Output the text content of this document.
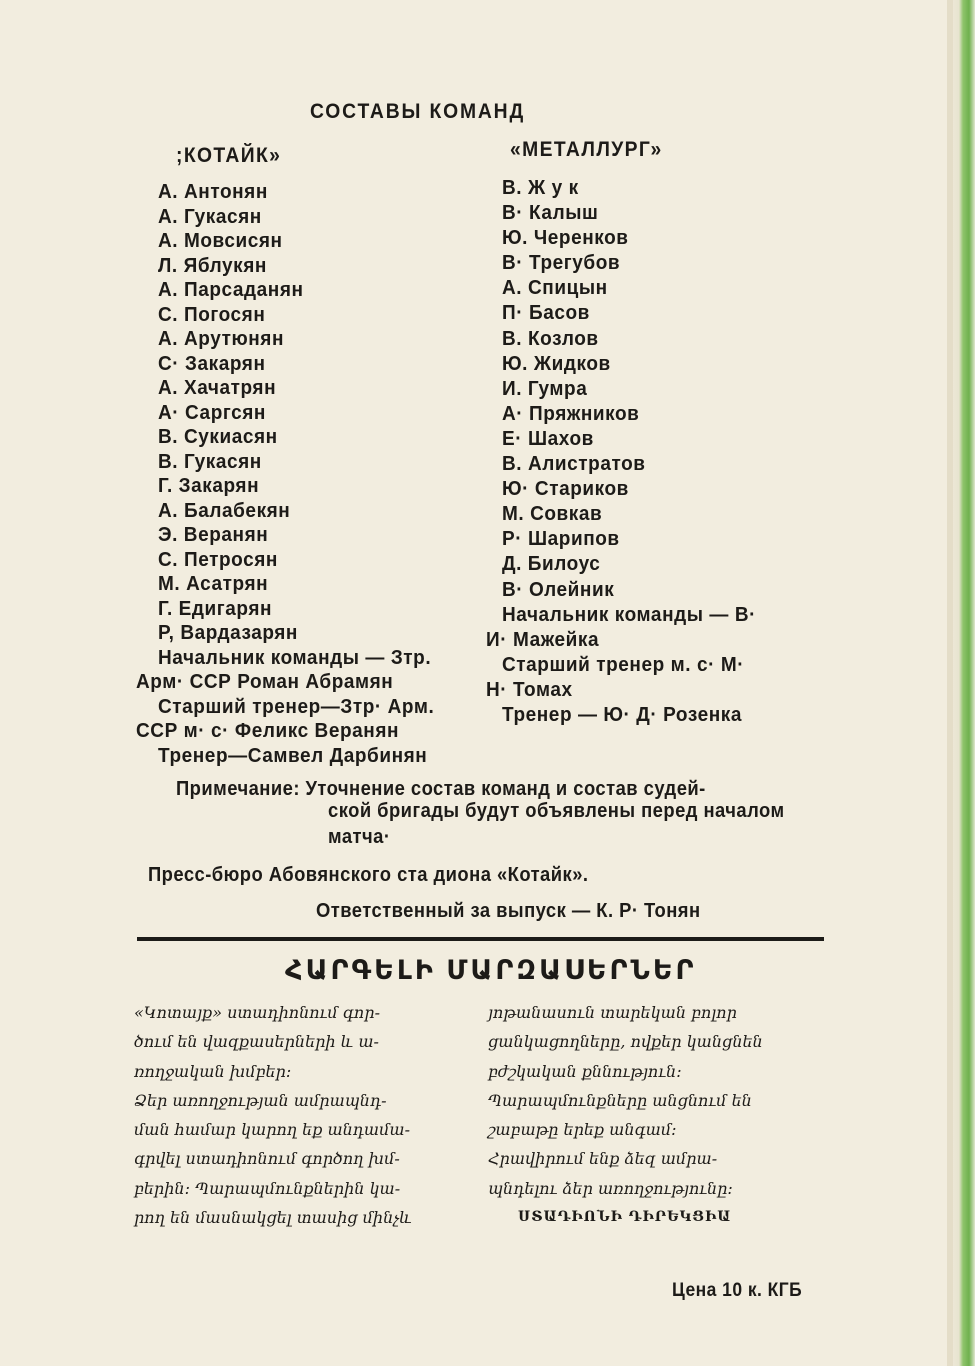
СОСТАВЫ КОМАНД
;КОТАЙК»	«МЕТАЛЛУРГ»
А. Антонян
А. Гукасян
А. Мовсисян
Л. Яблукян
А. Парсаданян
С. Погосян
А. Арутюнян
С· Закарян
А. Хачатрян
А· Саргсян
В. Сукиасян
В. Гукасян
Г. Закарян
А. Балабекян
Э. Веранян
С. Петросян
М. Асатрян
Г. Едигарян
Р, Вардазарян
Начальник команды — Зтр.
Арм· ССР Роман Абрамян
Старший тренер—Зтр· Арм.
ССР м· с· Феликс Веранян
Тренер—Самвел Дарбинян
В. Ж у к
В· Калыш
Ю. Черенков
В· Трегубов
А. Спицын
П· Басов
В. Козлов
Ю. Жидков
И. Гумра
А· Пряжников
Е· Шахов
В. Алистратов
Ю· Стариков
М. Совкав
Р· Шарипов
Д. Билоус
В· Олейник
Начальник команды — В·
И· Мажейка
Старший тренер м. с· М·
Н· Томах
Тренер — Ю· Д· Розенка
Примечание: Уточнение состав команд и состав судей-
ской бригады будут объявлены перед началом
матча·
Пресс-бюро Абовянского ста диона «Котайк».
Ответственный за выпуск — К. Р· Тонян
ՀԱՐԳԵԼԻ ՄԱՐԶԱՍԵՐՆԵՐ
«Կոտայք» ստադիոնում գոր-
ծում են վազքասերների և ա-
ռողջական խմբեր։
Ձեր առողջության ամրապնդ-
ման համար կարող եք անդամա-
գրվել ստադիոնում գործող խմ-
բերին։ Պարապմունքներին կա-
րող են մասնակցել տասից մինչև
յոթանասուն տարեկան բոլոր
ցանկացողները, ովքեր կանցնեն
բժշկական քննություն։
Պարապմունքները անցնում են
շաբաթը երեք անգամ։
Հրավիրում ենք ձեզ ամրա-
պնդելու ձեր առողջությունը։
ՍՏԱԴԻՈՆԻ ԴԻՐԵԿՑԻԱ
Цена 10 к. КГБ
